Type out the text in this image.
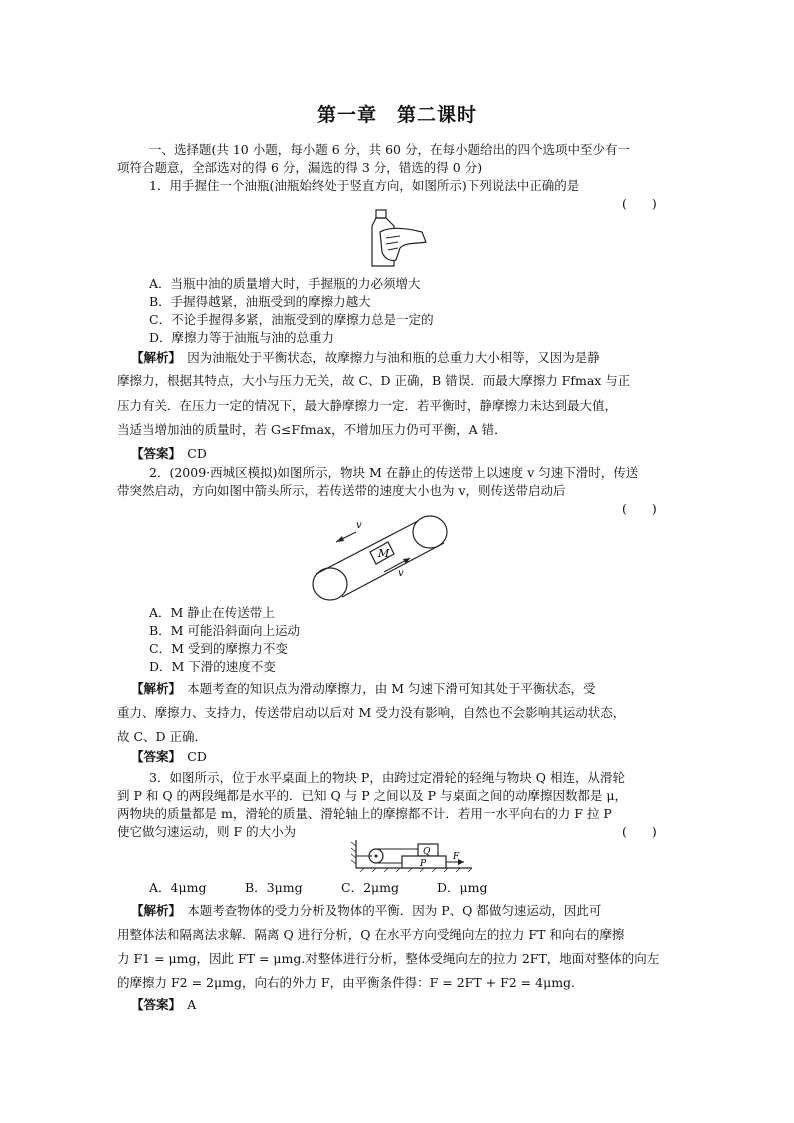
第一章　第二课时
一、选择题(共 10 小题，每小题 6 分，共 60 分，在每小题给出的四个选项中至少有一
项符合题意，全部选对的得 6 分，漏选的得 3 分，错选的得 0 分)
1．用手握住一个油瓶(油瓶始终处于竖直方向，如图所示)下列说法中正确的是
(　　)
A．当瓶中油的质量增大时，手握瓶的力必须增大
B．手握得越紧，油瓶受到的摩擦力越大
C．不论手握得多紧，油瓶受到的摩擦力总是一定的
D．摩擦力等于油瓶与油的总重力
【解析】　因为油瓶处于平衡状态，故摩擦力与油和瓶的总重力大小相等，又因为是静
摩擦力，根据其特点，大小与压力无关，故 C、D 正确，B 错误．而最大摩擦力 Ffmax 与正
压力有关．在压力一定的情况下，最大静摩擦力一定．若平衡时，静摩擦力未达到最大值，
当适当增加油的质量时，若 G≤Ffmax，不增加压力仍可平衡，A 错．
【答案】　CD
2．(2009·西城区模拟)如图所示，物块 M 在静止的传送带上以速度 v 匀速下滑时，传送
带突然启动，方向如图中箭头所示，若传送带的速度大小也为 v，则传送带启动后
(　　)
v
M
v
A．M 静止在传送带上
B．M 可能沿斜面向上运动
C．M 受到的摩擦力不变
D．M 下滑的速度不变
【解析】　本题考查的知识点为滑动摩擦力，由 M 匀速下滑可知其处于平衡状态，受
重力、摩擦力、支持力，传送带启动以后对 M 受力没有影响，自然也不会影响其运动状态，
故 C、D 正确．
【答案】　CD
3．如图所示，位于水平桌面上的物块 P，由跨过定滑轮的轻绳与物块 Q 相连，从滑轮
到 P 和 Q 的两段绳都是水平的．已知 Q 与 P 之间以及 P 与桌面之间的动摩擦因数都是 μ，
两物块的质量都是 m，滑轮的质量、滑轮轴上的摩擦都不计．若用一水平向右的力 F 拉 P
使它做匀速运动，则 F 的大小为	(　　)
Q
P
F
A．4μmg	B．3μmg	C．2μmg	D．μmg
【解析】　本题考查物体的受力分析及物体的平衡．因为 P、Q 都做匀速运动，因此可
用整体法和隔离法求解．隔离 Q 进行分析，Q 在水平方向受绳向左的拉力 FT 和向右的摩擦
力 F1 = μmg，因此 FT = μmg.对整体进行分析，整体受绳向左的拉力 2FT，地面对整体的向左
的摩擦力 F2 = 2μmg，向右的外力 F，由平衡条件得：F = 2FT + F2 = 4μmg.
【答案】　A
